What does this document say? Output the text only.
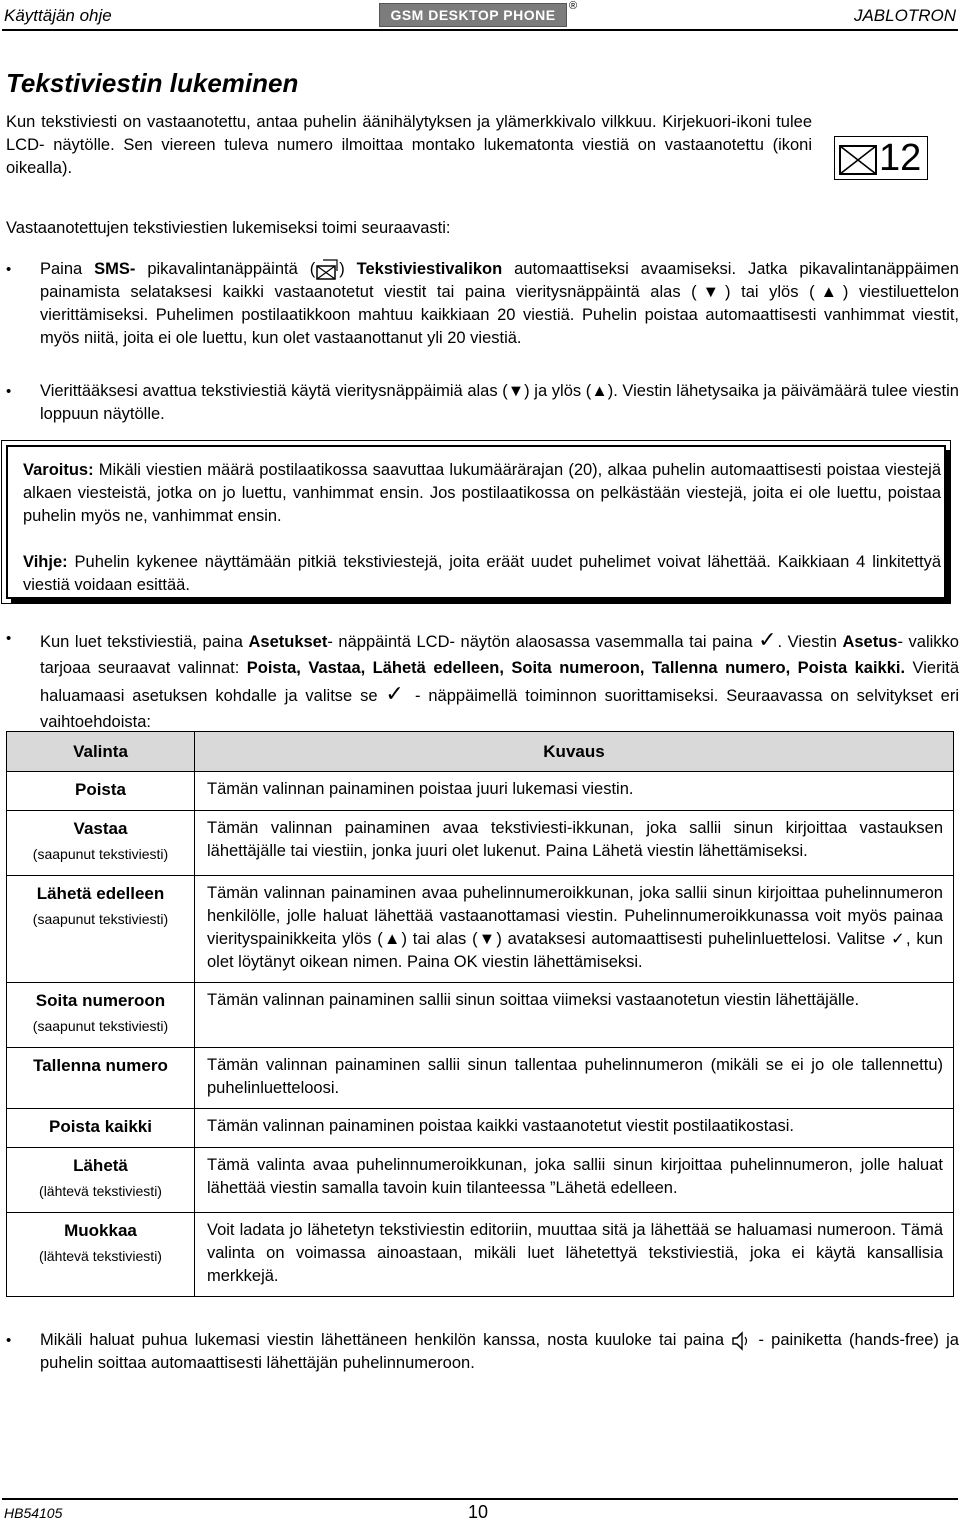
Käyttäjän ohje	GSM DESKTOP PHONE
®	JABLOTRON
Tekstiviestin lukeminen
Kun tekstiviesti on vastaanotettu, antaa puhelin äänihälytyksen ja ylämerkkivalo vilkkuu. Kirjekuori-ikoni tulee LCD- näytölle. Sen viereen tuleva numero ilmoittaa montako lukematonta viestiä on vastaanotettu (ikoni oikealla).	12
Vastaanotettujen tekstiviestien lukemiseksi toimi seuraavasti:
• Paina SMS- pikavalintanäppäintä ( ) Tekstiviestivalikon automaattiseksi avaamiseksi. Jatka pikavalintanäppäimen painamista selataksesi kaikki vastaanotetut viestit tai paina vieritysnäppäintä alas (▼) tai ylös (▲) viestiluettelon vierittämiseksi. Puhelimen postilaatikkoon mahtuu kaikkiaan 20 viestiä. Puhelin poistaa automaattisesti vanhimmat viestit, myös niitä, joita ei ole luettu, kun olet vastaanottanut yli 20 viestiä.
• Vierittääksesi avattua tekstiviestiä käytä vieritysnäppäimiä alas (▼) ja ylös (▲). Viestin lähetysaika ja päivämäärä tulee viestin loppuun näytölle.
Varoitus: Mikäli viestien määrä postilaatikossa saavuttaa lukumäärärajan (20), alkaa puhelin automaattisesti poistaa viestejä alkaen viesteistä, jotka on jo luettu, vanhimmat ensin. Jos postilaatikossa on pelkästään viestejä, joita ei ole luettu, poistaa puhelin myös ne, vanhimmat ensin.
Vihje: Puhelin kykenee näyttämään pitkiä tekstiviestejä, joita eräät uudet puhelimet voivat lähettää. Kaikkiaan 4 linkitettyä viestiä voidaan esittää.
• Kun luet tekstiviestiä, paina Asetukset- näppäintä LCD- näytön alaosassa vasemmalla tai paina ✓. Viestin Asetus- valikko tarjoaa seuraavat valinnat: Poista, Vastaa, Lähetä edelleen, Soita numeroon, Tallenna numero, Poista kaikki. Vieritä haluamaasi asetuksen kohdalle ja valitse se ✓ - näppäimellä toiminnon suorittamiseksi. Seuraavassa on selvitykset eri vaihtoehdoista:
Valinta	Kuvaus

Poista	Tämän valinnan painaminen poistaa juuri lukemasi viestin.

Vastaa
(saapunut tekstiviesti)	Tämän valinnan painaminen avaa tekstiviesti-ikkunan, joka sallii sinun kirjoittaa vastauksen lähettäjälle tai viestiin, jonka juuri olet lukenut. Paina Lähetä viestin lähettämiseksi.

Lähetä edelleen
(saapunut tekstiviesti)	Tämän valinnan painaminen avaa puhelinnumeroikkunan, joka sallii sinun kirjoittaa puhelinnumeron henkilölle, jolle haluat lähettää vastaanottamasi viestin. Puhelinnumeroikkunassa voit myös painaa vierityspainikkeita ylös (▲) tai alas (▼) avataksesi automaattisesti puhelinluettelosi. Valitse ✓, kun olet löytänyt oikean nimen. Paina OK viestin lähettämiseksi.

Soita numeroon
(saapunut tekstiviesti)	Tämän valinnan painaminen sallii sinun soittaa viimeksi vastaanotetun viestin lähettäjälle.

Tallenna numero	Tämän valinnan painaminen sallii sinun tallentaa puhelinnumeron (mikäli se ei jo ole tallennettu) puhelinluetteloosi.

Poista kaikki	Tämän valinnan painaminen poistaa kaikki vastaanotetut viestit postilaatikostasi.

Lähetä
(lähtevä tekstiviesti)	Tämä valinta avaa puhelinnumeroikkunan, joka sallii sinun kirjoittaa puhelinnumeron, jolle haluat lähettää viestin samalla tavoin kuin tilanteessa ”Lähetä edelleen.

Muokkaa
(lähtevä tekstiviesti)	Voit ladata jo lähetetyn tekstiviestin editoriin, muuttaa sitä ja lähettää se haluamasi numeroon. Tämä valinta on voimassa ainoastaan, mikäli luet lähetettyä tekstiviestiä, joka ei käytä kansallisia merkkejä.
• Mikäli haluat puhua lukemasi viestin lähettäneen henkilön kanssa, nosta kuuloke tai paina  - painiketta (hands-free) ja puhelin soittaa automaattisesti lähettäjän puhelinnumeroon.
HB54105	10
